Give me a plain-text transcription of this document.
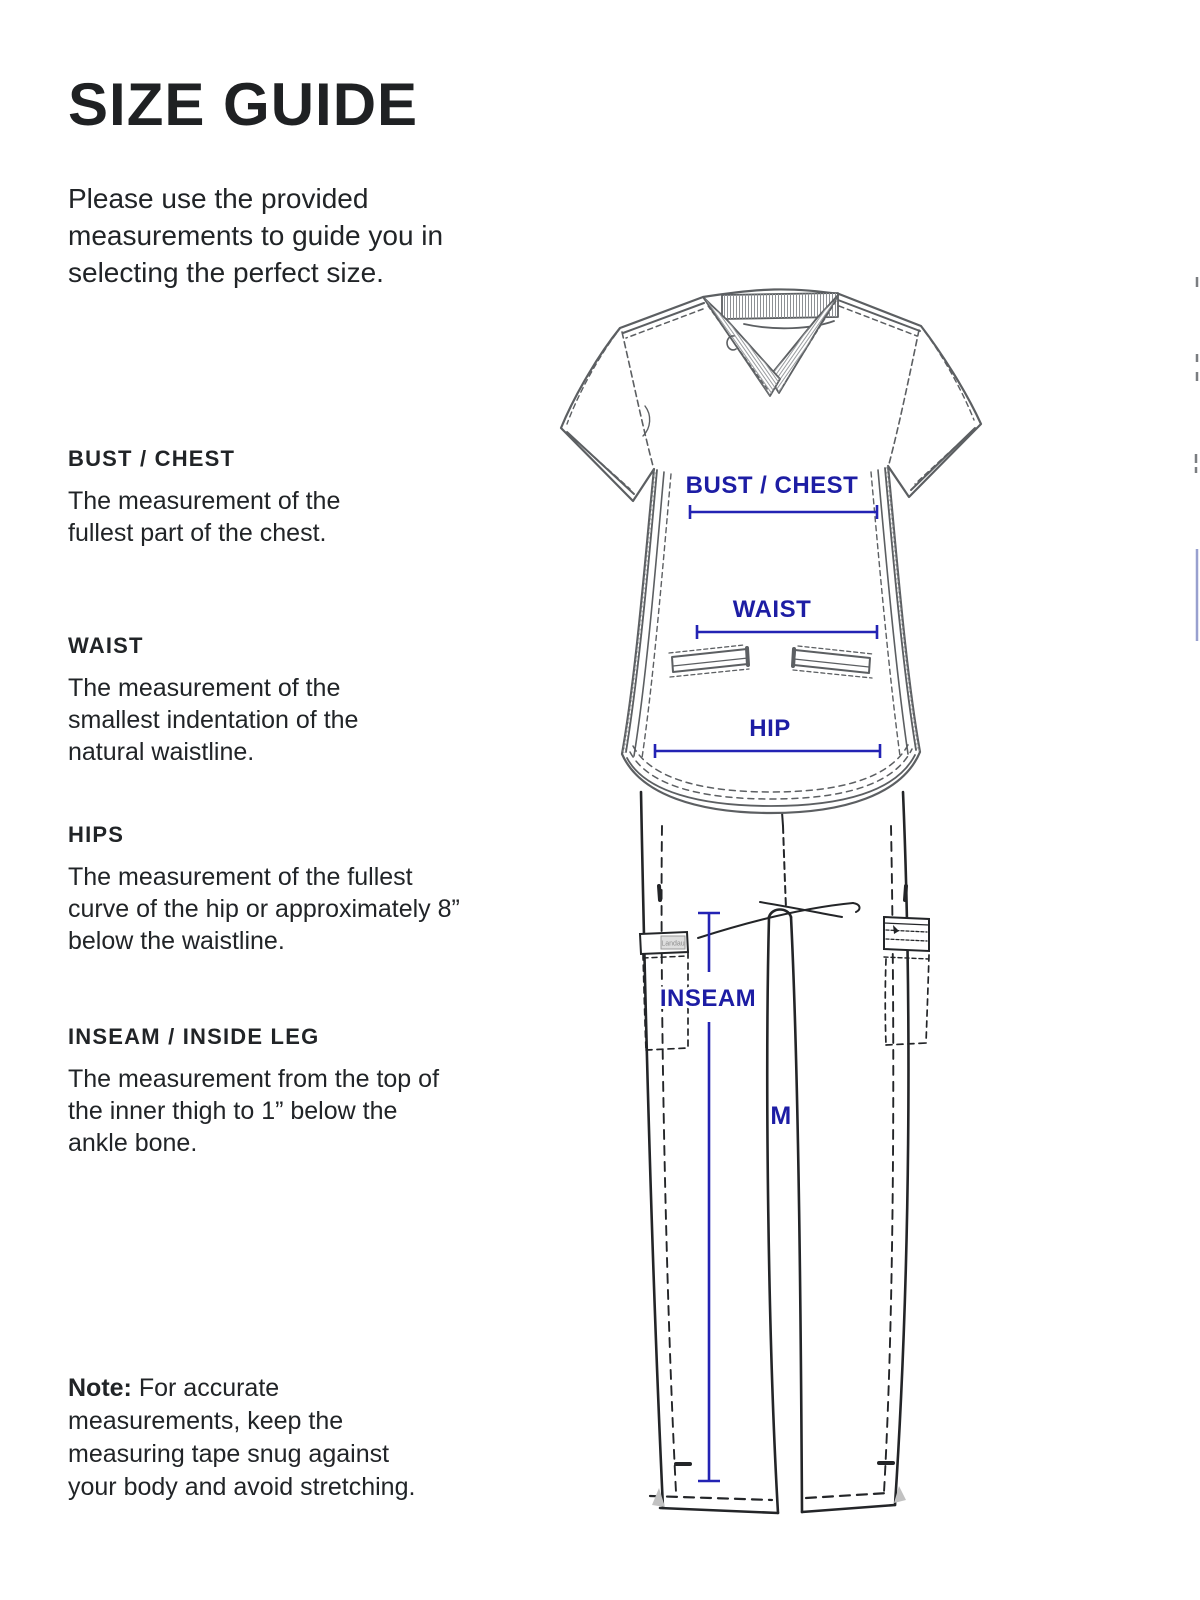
SIZE GUIDE
Please use the provided measurements to guide you in selecting the perfect size.
BUST / CHEST

The measurement of the fullest part of the chest.

WAIST

The measurement of the smallest indentation of the natural waistline.

HIPS

The measurement of the fullest curve of the hip or approximately 8” below the waistline.

INSEAM / INSIDE LEG

The measurement from the top of the inner thigh to 1” below the ankle bone.

Note: For accurate measurements, keep the measuring tape snug against your body and avoid stretching.
Landau
BUST / CHEST
WAIST
HIP
INSEAM
M
